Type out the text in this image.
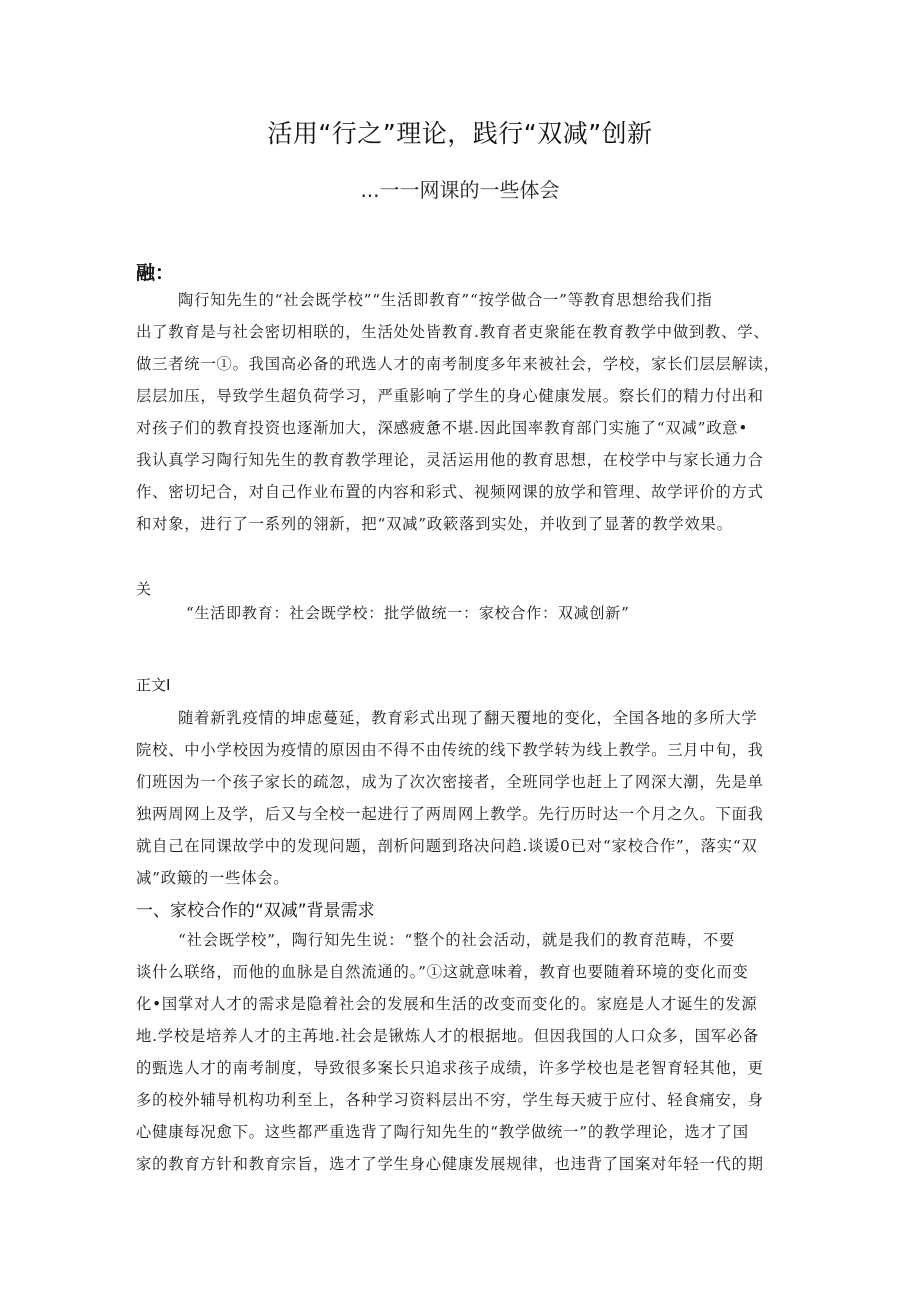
活用“行之”理论，践行“双减”创新
...一一网课的一些体会
融：
陶行知先生的“社会既学校”“生活即教育”“按学做合一”等教育思想给我们指
出了教育是与社会密切相联的，生活处处皆教育.教育者吏衆能在教育教学中做到教、学、
做三者统一①。我国高必备的玳选人才的南考制度多年来被社会，学校，家长们层层解读，
层层加压，导致学生超负荷学习，严重影响了学生的身心健康发展。察长们的精力付出和
对孩子们的教育投资也逐渐加大，深感疲惫不堪.因此国率教育部门实施了“双减”政意•
我认真学习陶行知先生的教育教学理论，灵活运用他的教育思想，在校学中与家长通力合
作、密切圮合，对自己作业布置的内容和彩式、视频网课的放学和管理、故学评价的方式
和对象，进行了一系列的翎新，把“双减”政簌落到实处，并收到了显著的教学效果。
关
“生活即教育：社会既学校：批学做统一：家校合作：双减创新”
正文I
随着新乳疫情的坤虑蔓延，教育彩式出现了翻天覆地的变化，全国各地的多所大学
院校、中小学校因为疫情的原因由不得不由传统的线下教学转为线上教学。三月中旬，我
们班因为一个孩子家长的疏忽，成为了次次密接者，全班同学也赶上了网深大潮，先是单
独两周网上及学，后又与全校一起进行了两周网上教学。先行历时达一个月之久。下面我
就自己在同课故学中的发现问题，剖析问题到珞决问趋.谈谖0已对“家校合作”，落实“双
减”政簸的一些体会。
一、家校合作的“双减”背景需求
“社会既学校”，陶行知先生说：“整个的社会活动，就是我们的教育范畴，不要
谈什么联络，而他的血脉是自然流通的。”①这就意味着，教育也要随着环境的变化而变
化•国掌对人才的需求是隐着社会的发展和生活的改变而变化的。家庭是人才诞生的发源
地.学校是培养人才的主苒地.社会是锹炼人才的根据地。但因我国的人口众多，国军必备
的甄选人才的南考制度，导致很多案长只追求孩子成绩，许多学校也是老智育轻其他，更
多的校外辅导机构功利至上，各种学习资料层出不穷，学生每天疲于应付、轻食痛安，身
心健康每况愈下。这些都严重选背了陶行知先生的“教学做统一”的教学理论，选才了国
家的教育方针和教育宗旨，选才了学生身心健康发展规律，也违背了国案对年轻一代的期
